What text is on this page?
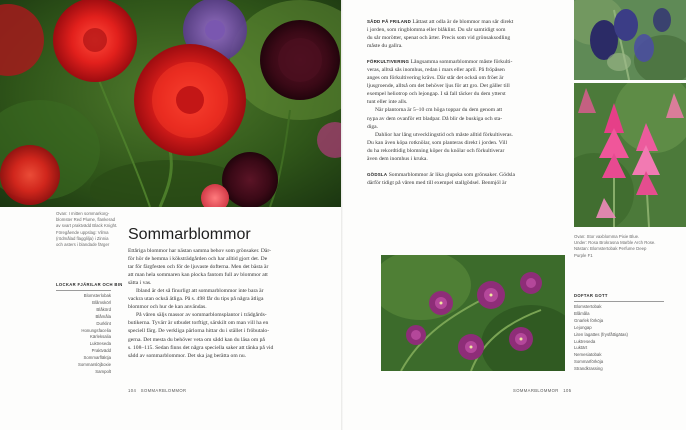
Ovan: I mitten sommarkorg-
blomster Red Plume, flankerad
av svart praktvädd Black Knight.
Föregående uppslag: Vilma
(rödmålad flagglilja) i Zinnia
och asters i blandade färger
LOCKAR FJÄRILAR OCH BIN
Blomsterlobak
Blåmskörl
Blåkörd
Blåmåla
Durklint
Honungsfacelia
Kärleksalia
Luktreseda
Praktvädd
Sommarfläktja
Sommarslöjboxie
Sampolt
Sommarblommor
Ettåriga blommor har nästan samma behov som grönsaker. Där-
för hör de hemma i köksträdgården och har alltid gjort det. De
tar för färgfesten och för de ljuvaste dofterna. Men det bästa är
att man hela sommaren kan plocka fantom full av blommor att
sätta i vas.
Ibland är det så finurligt att sommarblommor inte bara är
vackra utan också ätliga. På s. 498 får du tips på några ätliga
blommor och hur de kan användas.
På våren säljs massor av sommarblomsplantor i trädgårds-
butikerna. Tyvärr är utbudet torftigt, särskilt om man vill ha en
speciell färg. De verkliga pärlorna hittar du i stället i fröbutalo-
gerna. Det mesta du behöver veta om sådd kan du läsa om på
s. 108–115. Sedan finns det några speciella saker att tänka på vid
sådd av sommarblommor. Det ska jag berätta om nu.
104 SOMMARBLOMMOR
SÅDD PÅ FRILAND Lättast att odla är de blommor man sår direkt
i jorden, som ringblomma eller blåklint. Du sår samtidigt som
du sår morötter, spenat och ärter. Precis som vid grönsaksodling
måste du gallra.
FÖRKULTIVERING Långsamma sommarblommor måste förkulti-
veras, alltså sås inomhus, redan i mars eller april. På fröpåsen
anges om förkultivering krävs. Där står det också om fröet är
ljusgroende, alltså om det behöver ljus för att gro. Det gäller till
exempel heliotrop och lejongap. I så fall täcker du dem ytterst
tunt eller inte alls.
När plantorna är 5–10 cm höga toppar du dem genom att
nypa av dem ovanför ett bladpar. Då blir de buskiga och sta-
diga.
Dahlior har lång utvecklingstid och måste alltid förkultiveras.
Du kan även köpa rotknölar, som planteras direkt i jorden. Vill
du ha rekordtidig blomning köper du knölar och förkultiverar
även dem inomhus i kruka.
GÖDSLA Sommarblommor är lika glupska som grönsaker. Gödsla
därför tidigt på våren med till exempel stallgödsel. Benmjöl är
Ovan: Stor vaxblomma Pixie Blue.
Under: Rosa Brokrasna Marble Arch Rose.
Nästan: Blomstertobak Perfume Deep
Purple F1
DOFTAR GOTT
Blomstertobak
Blåmåla
Gnarlek förköja
Lejongap
Liten lagattes (frysfåttigätas)
Luktreseda
Luktärt
Nemesiatobak
Sommarförköja
Strandkrassing
SOMMARBLOMMOR 105
